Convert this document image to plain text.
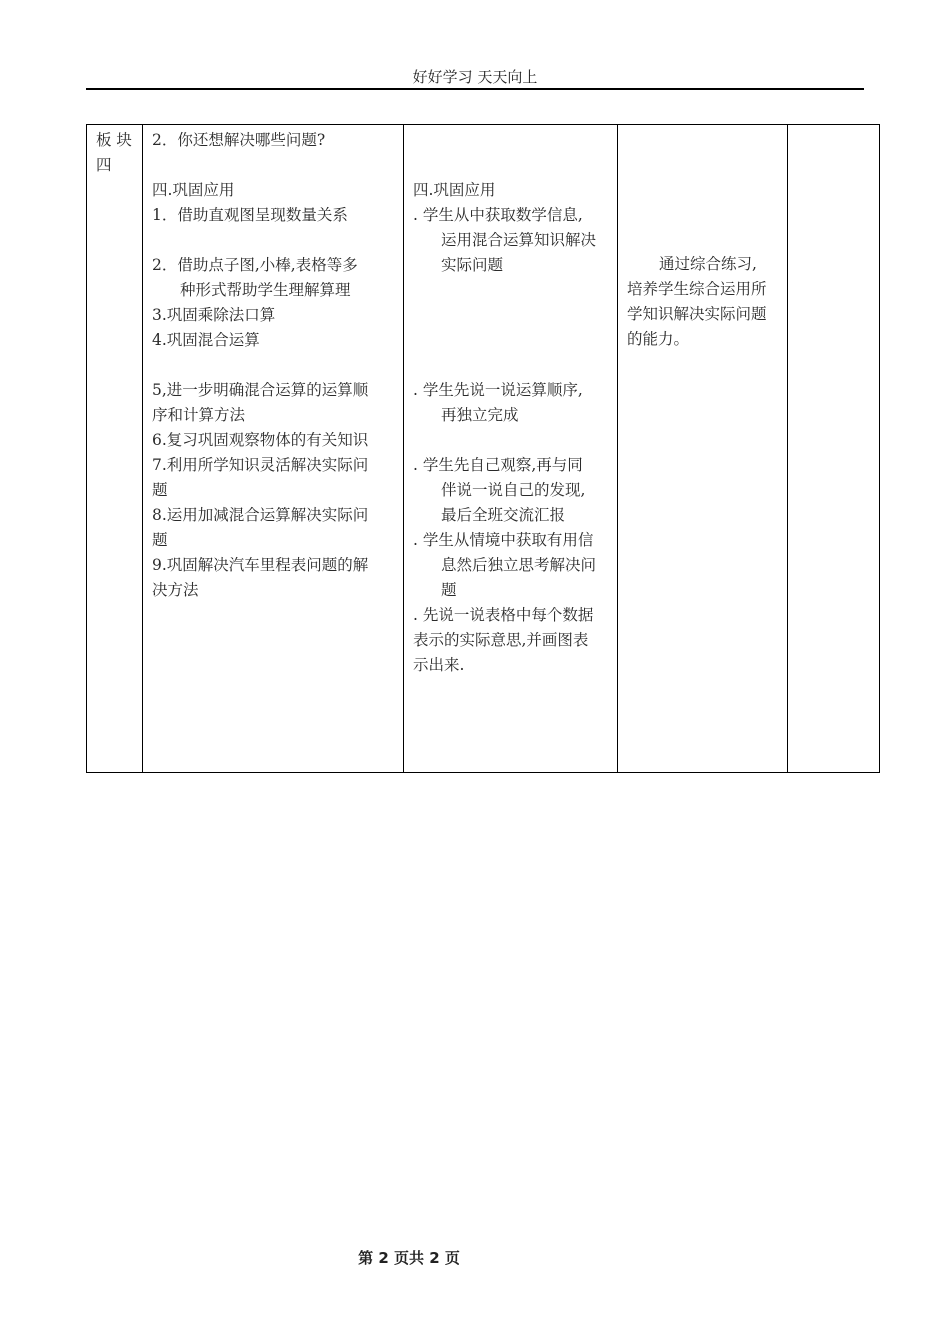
好好学习 天天向上
板 块
四

2．你还想解决哪些问题?
四.巩固应用
1．借助直观图呈现数量关系
2．借助点子图,小棒,表格等多
种形式帮助学生理解算理
3.巩固乘除法口算
4.巩固混合运算
5,进一步明确混合运算的运算顺
序和计算方法
6.复习巩固观察物体的有关知识
7.利用所学知识灵活解决实际问
题
8.运用加减混合运算解决实际问
题
9.巩固解决汽车里程表问题的解
决方法

四.巩固应用
. 学生从中获取数学信息,
运用混合运算知识解决
实际问题
. 学生先说一说运算顺序,
再独立完成
. 学生先自己观察,再与同
伴说一说自己的发现,
最后全班交流汇报
. 学生从情境中获取有用信
息然后独立思考解决问
题
. 先说一说表格中每个数据
表示的实际意思,并画图表
示出来.

通过综合练习,
培养学生综合运用所
学知识解决实际问题
的能力。

第 2 页共 2 页
